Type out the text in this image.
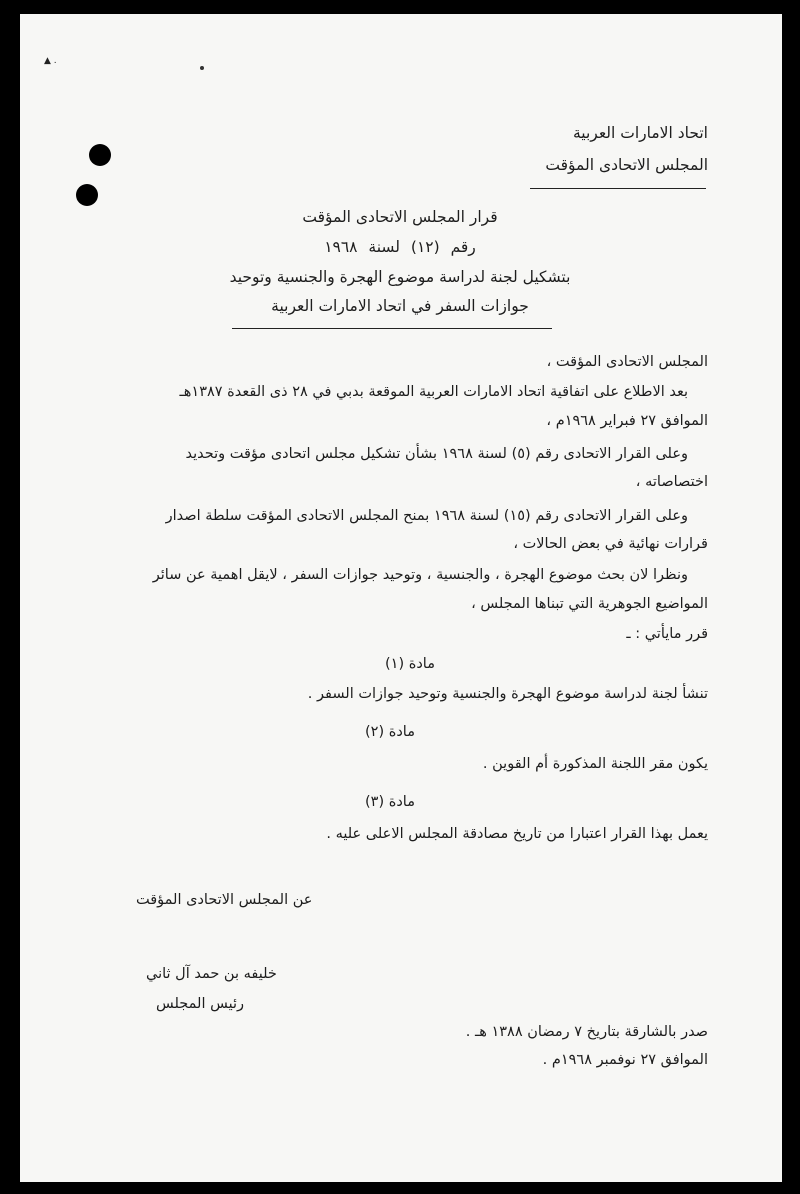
▲ .
اتحاد الامارات العربية
المجلس الاتحادى المؤقت
قرار المجلس الاتحادى المؤقت
رقم (١٢) لسنة ١٩٦٨
بتشكيل لجنة لدراسة موضوع الهجرة والجنسية وتوحيد
جوازات السفر في اتحاد الامارات العربية
المجلس الاتحادى المؤقت ،
بعد الاطلاع على اتفاقية اتحاد الامارات العربية الموقعة بدبي في ٢٨ ذى القعدة ١٣٨٧هـ
الموافق ٢٧ فبراير ١٩٦٨م ،
وعلى القرار الاتحادى رقم (٥) لسنة ١٩٦٨ بشأن تشكيل مجلس اتحادى مؤقت وتحديد
اختصاصاته ،
وعلى القرار الاتحادى رقم (١٥) لسنة ١٩٦٨ بمنح المجلس الاتحادى المؤقت سلطة اصدار
قرارات نهائية في بعض الحالات ،
ونظرا لان بحث موضوع الهجرة ، والجنسية ، وتوحيد جوازات السفر ، لايقل اهمية عن سائر
المواضيع الجوهرية التي تبناها المجلس ،
قرر مايأتي : ـ
مادة (١)
تنشأ لجنة لدراسة موضوع الهجرة والجنسية وتوحيد جوازات السفر .
مادة (٢)
يكون مقر اللجنة المذكورة أم القوين .
مادة (٣)
يعمل بهذا القرار اعتبارا من تاريخ مصادقة المجلس الاعلى عليه .
عن المجلس الاتحادى المؤقت
خليفه بن حمد آل ثاني
رئيس المجلس
صدر بالشارقة بتاريخ ٧ رمضان ١٣٨٨ هـ .
الموافق ٢٧ نوفمبر ١٩٦٨م .
